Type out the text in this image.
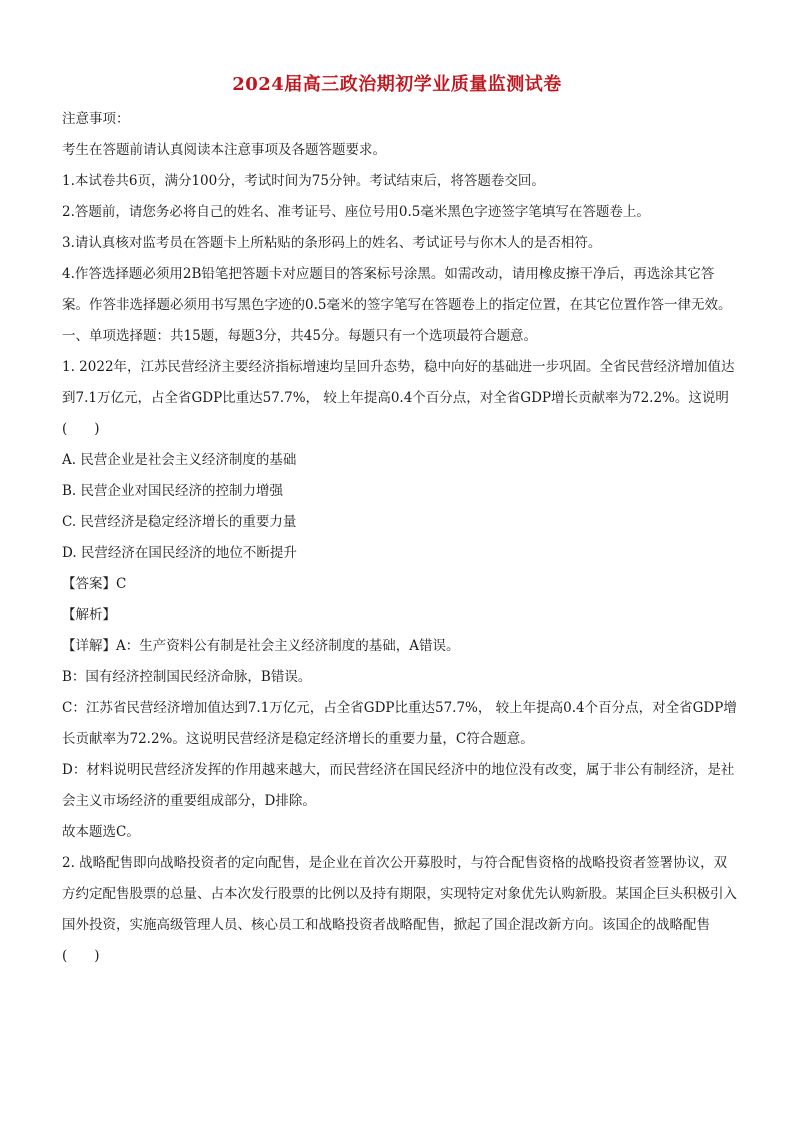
2024届高三政治期初学业质量监测试卷

注意事项：

考生在答题前请认真阅读本注意事项及各题答题要求。

1.本试卷共6页，满分100分，考试时间为75分钟。考试结束后，将答题卷交回。

2.答题前，请您务必将自己的姓名、准考证号、座位号用0.5毫米黑色字迹签字笔填写在答题卷上。

3.请认真核对监考员在答题卡上所粘贴的条形码上的姓名、考试证号与你木人的是否相符。

4.作答选择题必须用2B铅笔把答题卡对应题目的答案标号涂黑。如需改动，请用橡皮擦干净后，再选涂其它答案。作答非选择题必须用书写黑色字迹的0.5毫米的签字笔写在答题卷上的指定位置，在其它位置作答一律无效。

一、单项选择题：共15题，每题3分，共45分。每题只有一个选项最符合题意。

1. 2022年，江苏民营经济主要经济指标增速均呈回升态势，稳中向好的基础进一步巩固。全省民营经济增加值达到7.1万亿元，占全省GDP比重达57.7%， 较上年提高0.4个百分点，对全省GDP增长贡献率为72.2%。这说明(　　)

A. 民营企业是社会主义经济制度的基础

B. 民营企业对国民经济的控制力增强

C. 民营经济是稳定经济增长的重要力量

D. 民营经济在国民经济的地位不断提升

【答案】C

【解析】

【详解】A：生产资料公有制是社会主义经济制度的基础，A错误。

B：国有经济控制国民经济命脉，B错误。

C：江苏省民营经济增加值达到7.1万亿元，占全省GDP比重达57.7%， 较上年提高0.4个百分点，对全省GDP增长贡献率为72.2%。这说明民营经济是稳定经济增长的重要力量，C符合题意。

D：材料说明民营经济发挥的作用越来越大，而民营经济在国民经济中的地位没有改变，属于非公有制经济，是社会主义市场经济的重要组成部分，D排除。

故本题选C。

2. 战略配售即向战略投资者的定向配售，是企业在首次公开募股时，与符合配售资格的战略投资者签署协议，双方约定配售股票的总量、占本次发行股票的比例以及持有期限，实现特定对象优先认购新股。某国企巨头积极引入国外投资，实施高级管理人员、核心员工和战略投资者战略配售，掀起了国企混改新方向。该国企的战略配售(　　)
